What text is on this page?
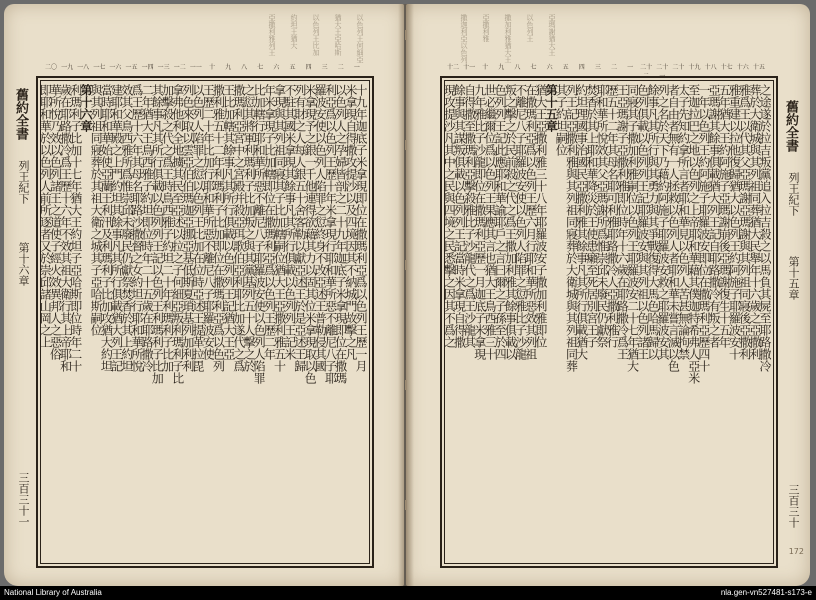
以色列王何細亞猶大王亞哈斯以色列王比加約坦王猶大亞撒利雅列王
二〇 一九 一八 一七 一六 一五 一四 一三 一二 一一	十	九	八	七	六	五	四	三	二	一
十九年迦底子米拿現即位在撒瑪利亞爲以色列王歷一月
米拿現自得撒攻提沙以及四境因其不納城門故擊之凡
以色列人之孕婦皆剖之二十九年迦底子米拿現即位在撒瑪
利亞爲以色列王歷十年米拿現行耶和華所惡不離尼八子耶
羅波安使以色列人陷罪之愆終身不改亞述王普勒侵其國
米拿現予之銀一千他連得欲藉其力以固其位米拿現取以色
列有財之人每人銀五十舍客勒以獻亞述王於是亞述王歸
不駐其國米拿現其餘事凡其所行俱載以色列列王記米
拿現與其列祖同寢其子比加轄嗣位猶大王亞撒利雅五十
年米拿現子比加轄即位在撒瑪利亞爲以色列王歷二年
比加轄行耶和華所惡不離尼八子耶羅波安使以色列人陷罪
之愆其將軍利瑪利子比加叛之與其黨基列五十人擊之於
撒瑪利亞宮中之宮殿并殺亞珥歌伯亞利耶比加遂代之爲
王比加轄其餘事凡其所行俱載以色列列王記猶大王亞
撒利雅五十二年利瑪利子比加即位在撒瑪利亞爲以色列
王歷二十年比加行耶和華所惡不離尼八子耶羅波安使
以色列人陷罪之愆以色列王比加在位時亞述王提革拉毘
列色來取以雲亞伯伯瑪迦亞挪亞基低斯夏瑣基列加利利
拿弗他利全地擄其民至亞述以拉之子何細亞叛利瑪利子比
加擊殺之代之爲王時鳥西雅子約坦二十年利瑪利子比加
其餘事凡其所行俱載以色列列王記以色列王利瑪利子比加
二年猶大王鳥西雅子約坦即位時年二十五歲在耶路撒冷
爲王歷十六年其母名耶路沙撒督之女約坦行耶和華所悅
效其父鳥西雅所爲惟崇邱未廢民仍獻祭焚香於其上約坦
建耶和華殿之上門約坦其餘事凡其所行俱載猶大列王記
當時耶和華始使亞蘭王利汛及利瑪利子比加攻猶大約坦
與其列祖同寢葬於其祖大衛之城其子亞哈斯嗣位
第十六章
利瑪利子比加十七年猶大王約坦子亞哈斯即位時年二十
歲在耶路撒冷爲王歷十六年不效其祖大衛行其上帝耶和
華所悅乃效以色列諸王之道使子經火效異邦人之惡俗
即耶和華於以色列人前所逐者又於崇邱諸山岡之上
舊約全書
列王紀下
第十六章
三百三十一
亞瑪謝猶大王以色列王撒加利雅猶大王亞撒利雅撒迦利亞以色列
十二 十一	十	九	八	七	六	五	四	三	二	一	二十二
二十一
二十 十九 十八 十七 十六 十五
之途遂於拉吉叛黨追入拉吉殺之以馬負其屍至耶路撒冷
葬於大衛城與其列祖同葬猶大民舉年十六歲之亞撒利
雅爲王以代其父亞瑪謝亞瑪謝與其列祖同寢後亞撒利
雅重建以拉他復歸猶大以色列王約阿施子耶羅波安十
五年猶大王約阿施子亞瑪謝崩後亞瑪謝復生十五年
亞瑪謝其餘事俱載猶大列王記自耶路撒冷有叛之者
一年以色列王約阿施子耶羅波安即位在撒瑪利亞歷四十
至迦拉巴之地以色列之上帝耶和華藉其僕迦特希弗人亞米
太子先知約拿所言者耶和華見以色列人苦甚無論拘禁
者自由者無有一人拯救以色列人者耶和華未嘗言滅以色
列之名於天下乃藉約阿施子耶羅波安救之耶羅波安其
餘事凡其所行與其勇力與其爭戰復得大馬色哈馬歸以
色列俱載以色列列王記耶羅波安與其列祖以色列諸王
同寢其子撒加利雅嗣位以色列王耶羅波安二十七年猶大
王亞瑪謝子亞撒利雅即位時年十六歲在耶路撒冷爲王
歷五十二年其母名耶可利雅耶路撒冷人亞撒利雅行
耶和華所悅效其父亞瑪謝所爲惟崇邱未廢民仍獻祭
焚香於其上耶和華降災於王使患癩至死居別宮王子
約坦理國事治國民亞撒利雅其餘事凡其所行俱載猶大
列王記亞撒利雅與其列祖同寢葬於大衛城與其列祖同葬
其子約坦嗣位
第十五章
猶大王亞撒利雅三十八年耶羅波安子撒加利雅即位
在撒瑪利亞爲以色列王歷六月行耶和華所惡效其列祖
不離尼八子耶羅波安使以色列人陷罪之愆雅比子沙龍
叛之擊之於民前殺之代之爲王撒加利雅其餘事俱載以
色列列王記此應耶和華諭耶戶之言曰爾之子孫至於四
世必繼爾位爲以色列王果應其言也猶大王鳥西雅三十
九年雅比子沙龍即位在撒瑪利亞歷一月迦底子米拿現
自得撒至撒瑪利亞擊殺雅比子沙龍代之爲王沙龍其
餘事與其謀叛俱載以色列列王記當時米拿現自得撒
現攻提沙凡其中之民與四境之民悉擊之因其不爲之	舊約全書
列王紀下
第十五章
三百三十
172
National Library of Australia	nla.gen-vn527481-s173-e
